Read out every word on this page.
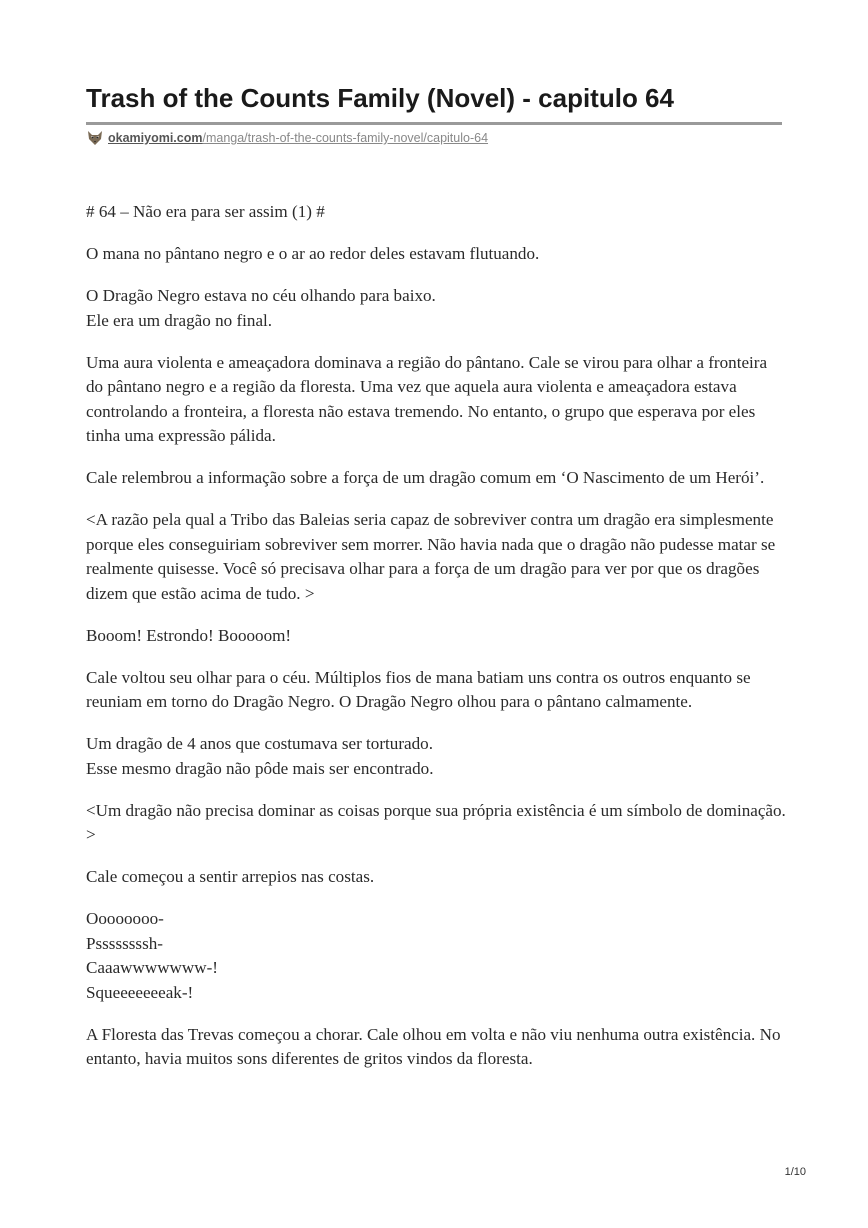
Trash of the Counts Family (Novel) - capitulo 64
okamiyomi.com /manga/trash-of-the-counts-family-novel/capitulo-64

# 64 – Não era para ser assim (1) #

O mana no pântano negro e o ar ao redor deles estavam flutuando.

O Dragão Negro estava no céu olhando para baixo.
Ele era um dragão no final.

Uma aura violenta e ameaçadora dominava a região do pântano. Cale se virou para olhar a fronteira do pântano negro e a região da floresta. Uma vez que aquela aura violenta e ameaçadora estava controlando a fronteira, a floresta não estava tremendo. No entanto, o grupo que esperava por eles tinha uma expressão pálida.

Cale relembrou a informação sobre a força de um dragão comum em ‘O Nascimento de um Herói’.

<A razão pela qual a Tribo das Baleias seria capaz de sobreviver contra um dragão era simplesmente porque eles conseguiriam sobreviver sem morrer. Não havia nada que o dragão não pudesse matar se realmente quisesse. Você só precisava olhar para a força de um dragão para ver por que os dragões dizem que estão acima de tudo. >

Booom! Estrondo! Booooom!

Cale voltou seu olhar para o céu. Múltiplos fios de mana batiam uns contra os outros enquanto se reuniam em torno do Dragão Negro. O Dragão Negro olhou para o pântano calmamente.

Um dragão de 4 anos que costumava ser torturado.
Esse mesmo dragão não pôde mais ser encontrado.

<Um dragão não precisa dominar as coisas porque sua própria existência é um símbolo de dominação. >

Cale começou a sentir arrepios nas costas.

Oooooooo-
Pssssssssh-
Caaawwwwwww-!
Squeeeeeeeak-!

A Floresta das Trevas começou a chorar. Cale olhou em volta e não viu nenhuma outra existência. No entanto, havia muitos sons diferentes de gritos vindos da floresta.

1/10
